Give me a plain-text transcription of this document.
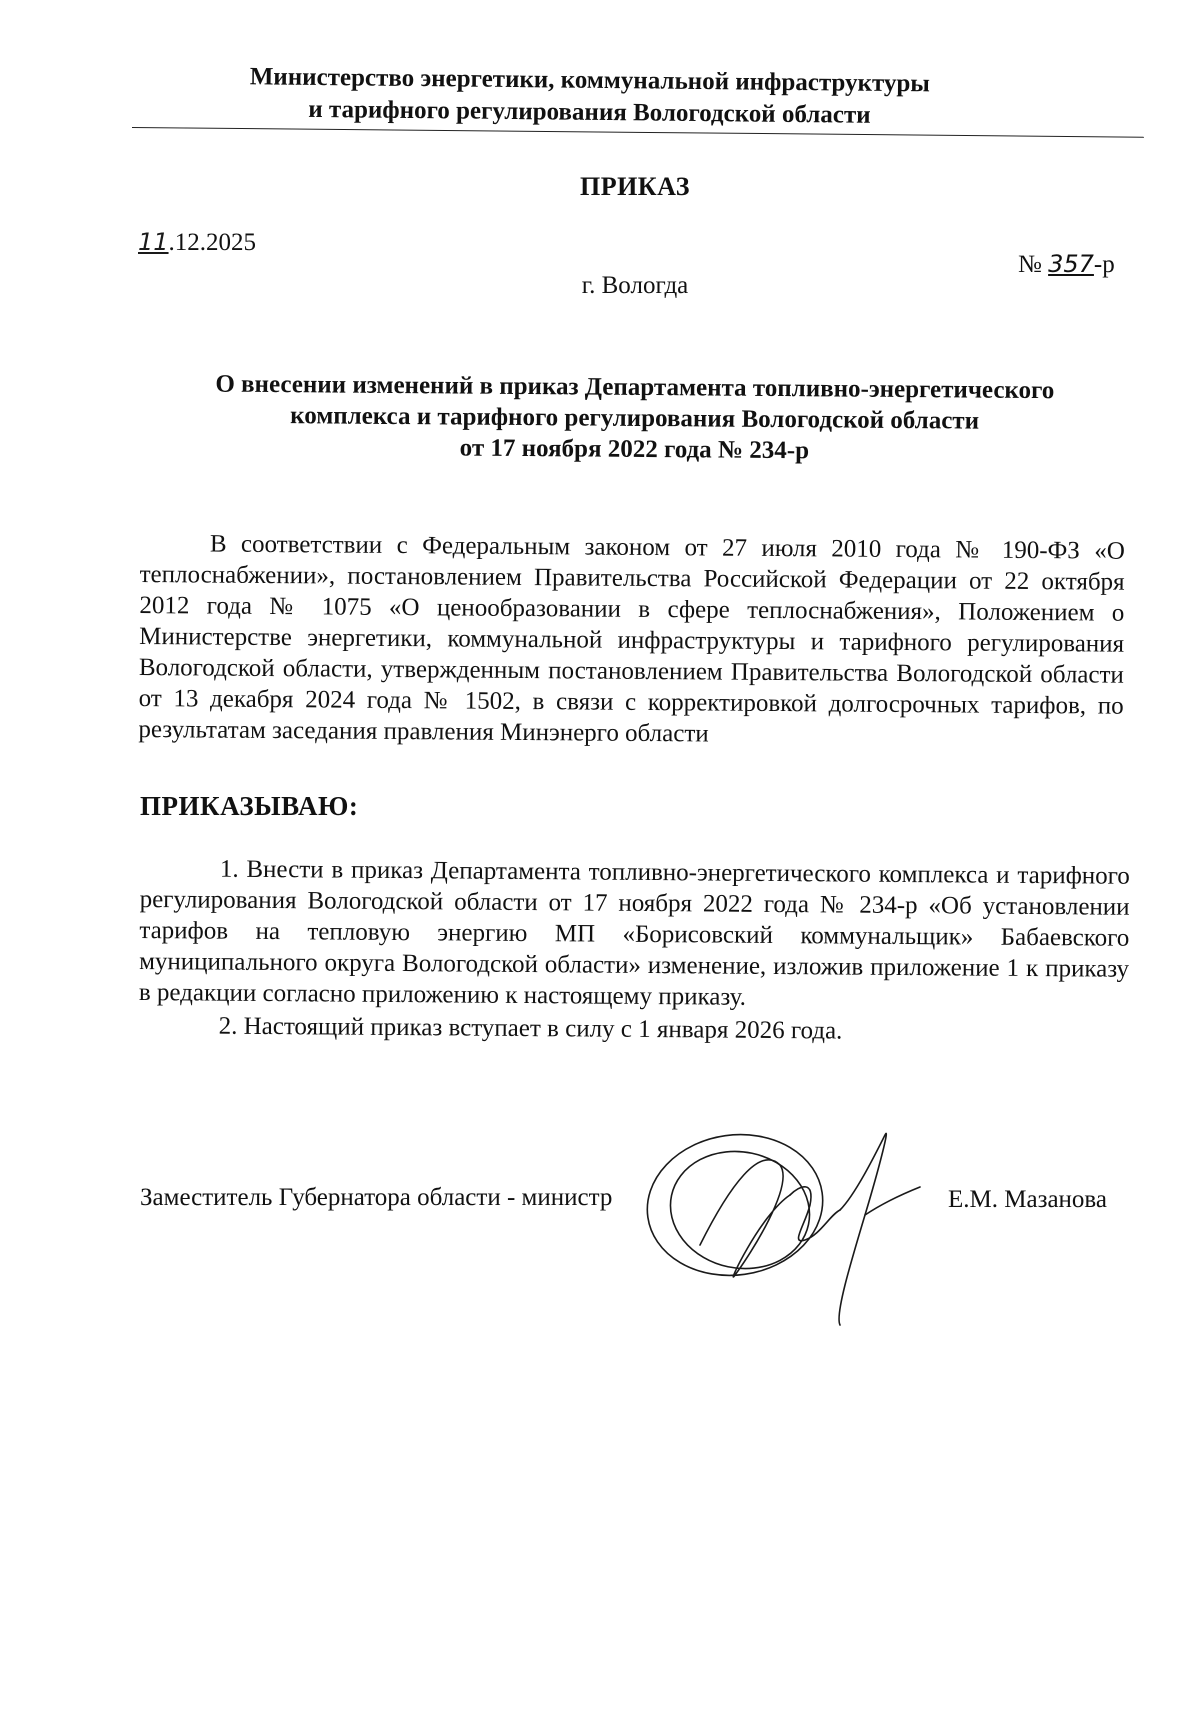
Министерство энергетики, коммунальной инфраструктуры
и тарифного регулирования Вологодской области
ПРИКАЗ
11.12.2025
№ 357-р
г. Вологда
О внесении изменений в приказ Департамента топливно-энергетического
комплекса и тарифного регулирования Вологодской области
от 17 ноября 2022 года № 234-р

В соответствии с Федеральным законом от 27 июля 2010 года № 190-ФЗ «О теплоснабжении», постановлением Правительства Российской Федерации от 22 октября 2012 года № 1075 «О ценообразовании в сфере теплоснабжения», Положением о Министерстве энергетики, коммунальной инфраструктуры и тарифного регулирования Вологодской области, утвержденным постановлением Правительства Вологодской области от 13 декабря 2024 года № 1502, в связи с корректировкой долгосрочных тарифов, по результатам заседания правления Минэнерго области

ПРИКАЗЫВАЮ:

1. Внести в приказ Департамента топливно-энергетического комплекса и тарифного регулирования Вологодской области от 17 ноября 2022 года № 234-р «Об установлении тарифов на тепловую энергию МП «Борисовский коммунальщик» Бабаевского муниципального округа Вологодской области» изменение, изложив приложение 1 к приказу в редакции согласно приложению к настоящему приказу.

2. Настоящий приказ вступает в силу с 1 января 2026 года.

Заместитель Губернатора области - министр	Е.М. Мазанова
